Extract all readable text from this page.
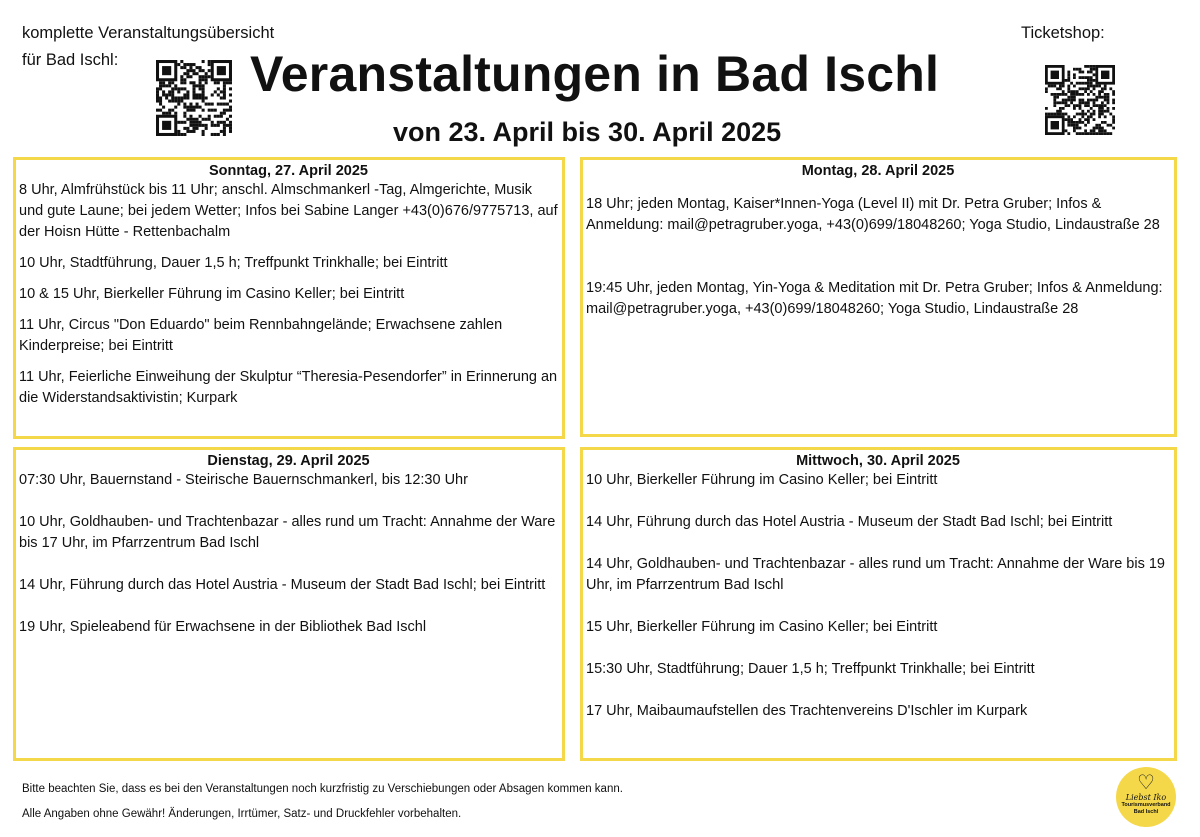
komplette Veranstaltungsübersicht
für Bad Ischl:	Veranstaltungen in Bad Ischl
von 23. April bis 30. April 2025
Ticketshop:
Sonntag, 27. April 2025

8 Uhr, Almfrühstück bis 11 Uhr; anschl. Almschmankerl -Tag, Almgerichte, Musik und gute Laune; bei jedem Wetter; Infos bei Sabine Langer +43(0)676/9775713, auf der Hoisn Hütte - Rettenbachalm

10 Uhr, Stadtführung, Dauer 1,5 h; Treffpunkt Trinkhalle; bei Eintritt

10 & 15 Uhr, Bierkeller Führung im Casino Keller; bei Eintritt

11 Uhr, Circus "Don Eduardo" beim Rennbahngelände; Erwachsene zahlen Kinderpreise; bei Eintritt

11 Uhr, Feierliche Einweihung der Skulptur “Theresia-Pesendorfer” in Erinnerung an die Widerstandsaktivistin; Kurpark

Montag, 28. April 2025

18 Uhr; jeden Montag, Kaiser*Innen-Yoga (Level II) mit Dr. Petra Gruber; Infos & Anmeldung: mail@petragruber.yoga, +43(0)699/18048260; Yoga Studio, Lindaustraße 28

19:45 Uhr, jeden Montag, Yin-Yoga & Meditation mit Dr. Petra Gruber; Infos & Anmeldung: mail@petragruber.yoga, +43(0)699/18048260; Yoga Studio, Lindaustraße 28

Dienstag, 29. April 2025

07:30 Uhr, Bauernstand - Steirische Bauernschmankerl, bis 12:30 Uhr

10 Uhr, Goldhauben- und Trachtenbazar - alles rund um Tracht: Annahme der Ware bis 17 Uhr, im Pfarrzentrum Bad Ischl

14 Uhr, Führung durch das Hotel Austria - Museum der Stadt Bad Ischl; bei Eintritt

19 Uhr, Spieleabend für Erwachsene in der Bibliothek Bad Ischl

Mittwoch, 30. April 2025

10 Uhr, Bierkeller Führung im Casino Keller; bei Eintritt

14 Uhr, Führung durch das Hotel Austria - Museum der Stadt Bad Ischl; bei Eintritt

14 Uhr, Goldhauben- und Trachtenbazar - alles rund um Tracht: Annahme der Ware bis 19 Uhr, im Pfarrzentrum Bad Ischl

15 Uhr, Bierkeller Führung im Casino Keller; bei Eintritt

15:30 Uhr, Stadtführung; Dauer 1,5 h; Treffpunkt Trinkhalle; bei Eintritt

17 Uhr, Maibaumaufstellen des Trachtenvereins D'Ischler im Kurpark

Bitte beachten Sie, dass es bei den Veranstaltungen noch kurzfristig zu Verschiebungen oder Absagen kommen kann.
Alle Angaben ohne Gewähr! Änderungen, Irrtümer, Satz- und Druckfehler vorbehalten.
♡
Liebst Iko
Tourismusverband
Bad Ischl
